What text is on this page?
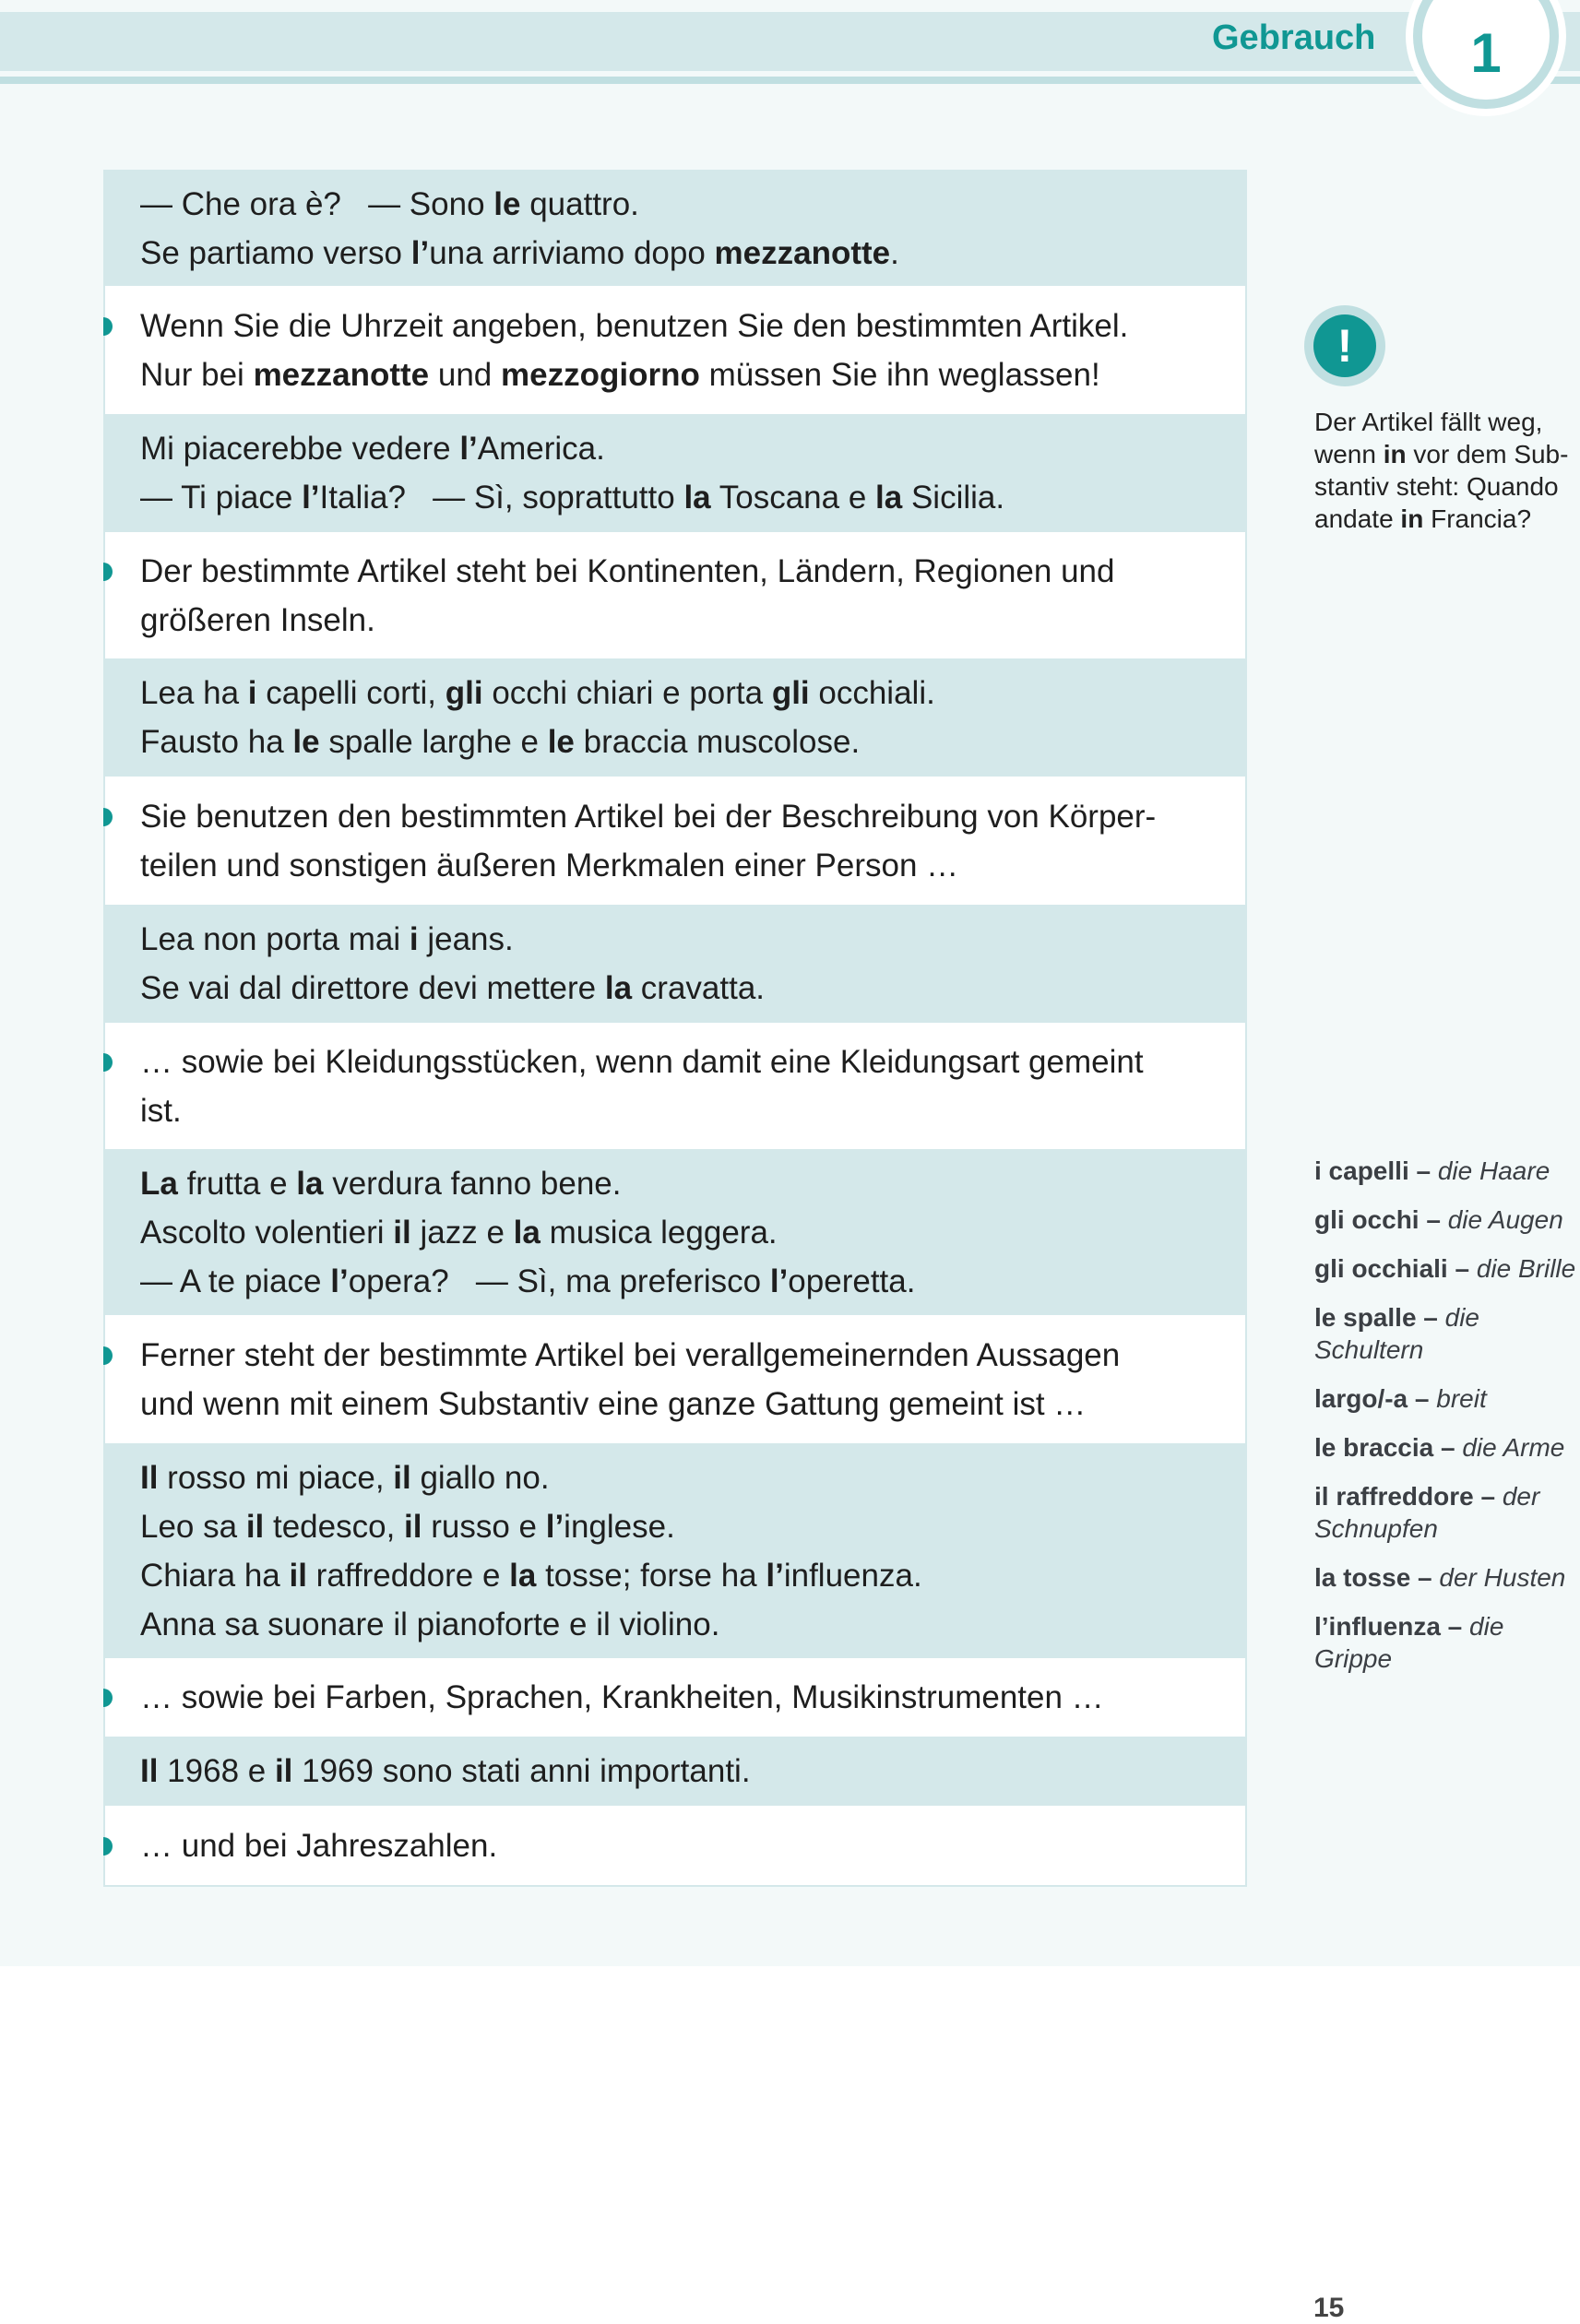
Gebrauch 1
— Che ora è?   — Sono le quattro.
Se partiamo verso l’una arriviamo dopo mezzanotte.
Wenn Sie die Uhrzeit angeben, benutzen Sie den bestimmten Artikel.
Nur bei mezzanotte und mezzogiorno müssen Sie ihn weglassen!
Mi piacerebbe vedere l’America.
— Ti piace l’Italia?   — Sì, soprattutto la Toscana e la Sicilia.
Der bestimmte Artikel steht bei Kontinenten, Ländern, Regionen und
größeren Inseln.
Lea ha i capelli corti, gli occhi chiari e porta gli occhiali.
Fausto ha le spalle larghe e le braccia muscolose.
Sie benutzen den bestimmten Artikel bei der Beschreibung von Körper-
teilen und sonstigen äußeren Merkmalen einer Person …
Lea non porta mai i jeans.
Se vai dal direttore devi mettere la cravatta.
… sowie bei Kleidungsstücken, wenn damit eine Kleidungsart gemeint
ist.
La frutta e la verdura fanno bene.
Ascolto volentieri il jazz e la musica leggera.
— A te piace l’opera?   — Sì, ma preferisco l’operetta.
Ferner steht der bestimmte Artikel bei verallgemeinernden Aussagen
und wenn mit einem Substantiv eine ganze Gattung gemeint ist …
Il rosso mi piace, il giallo no.
Leo sa il tedesco, il russo e l’inglese.
Chiara ha il raffreddore e la tosse; forse ha l’influenza.
Anna sa suonare il pianoforte e il violino.
… sowie bei Farben, Sprachen, Krankheiten, Musikinstrumenten …
Il 1968 e il 1969 sono stati anni importanti.
… und bei Jahreszahlen.
!
Der Artikel fällt weg,
wenn in vor dem Sub-
stantiv steht: Quando
andate in Francia?
i capelli – die Haare
gli occhi – die Augen
gli occhiali – die Brille
le spalle – die Schultern
largo/-a – breit
le braccia – die Arme
il raffreddore – der Schnupfen
la tosse – der Husten
l’influenza – die Grippe
15
